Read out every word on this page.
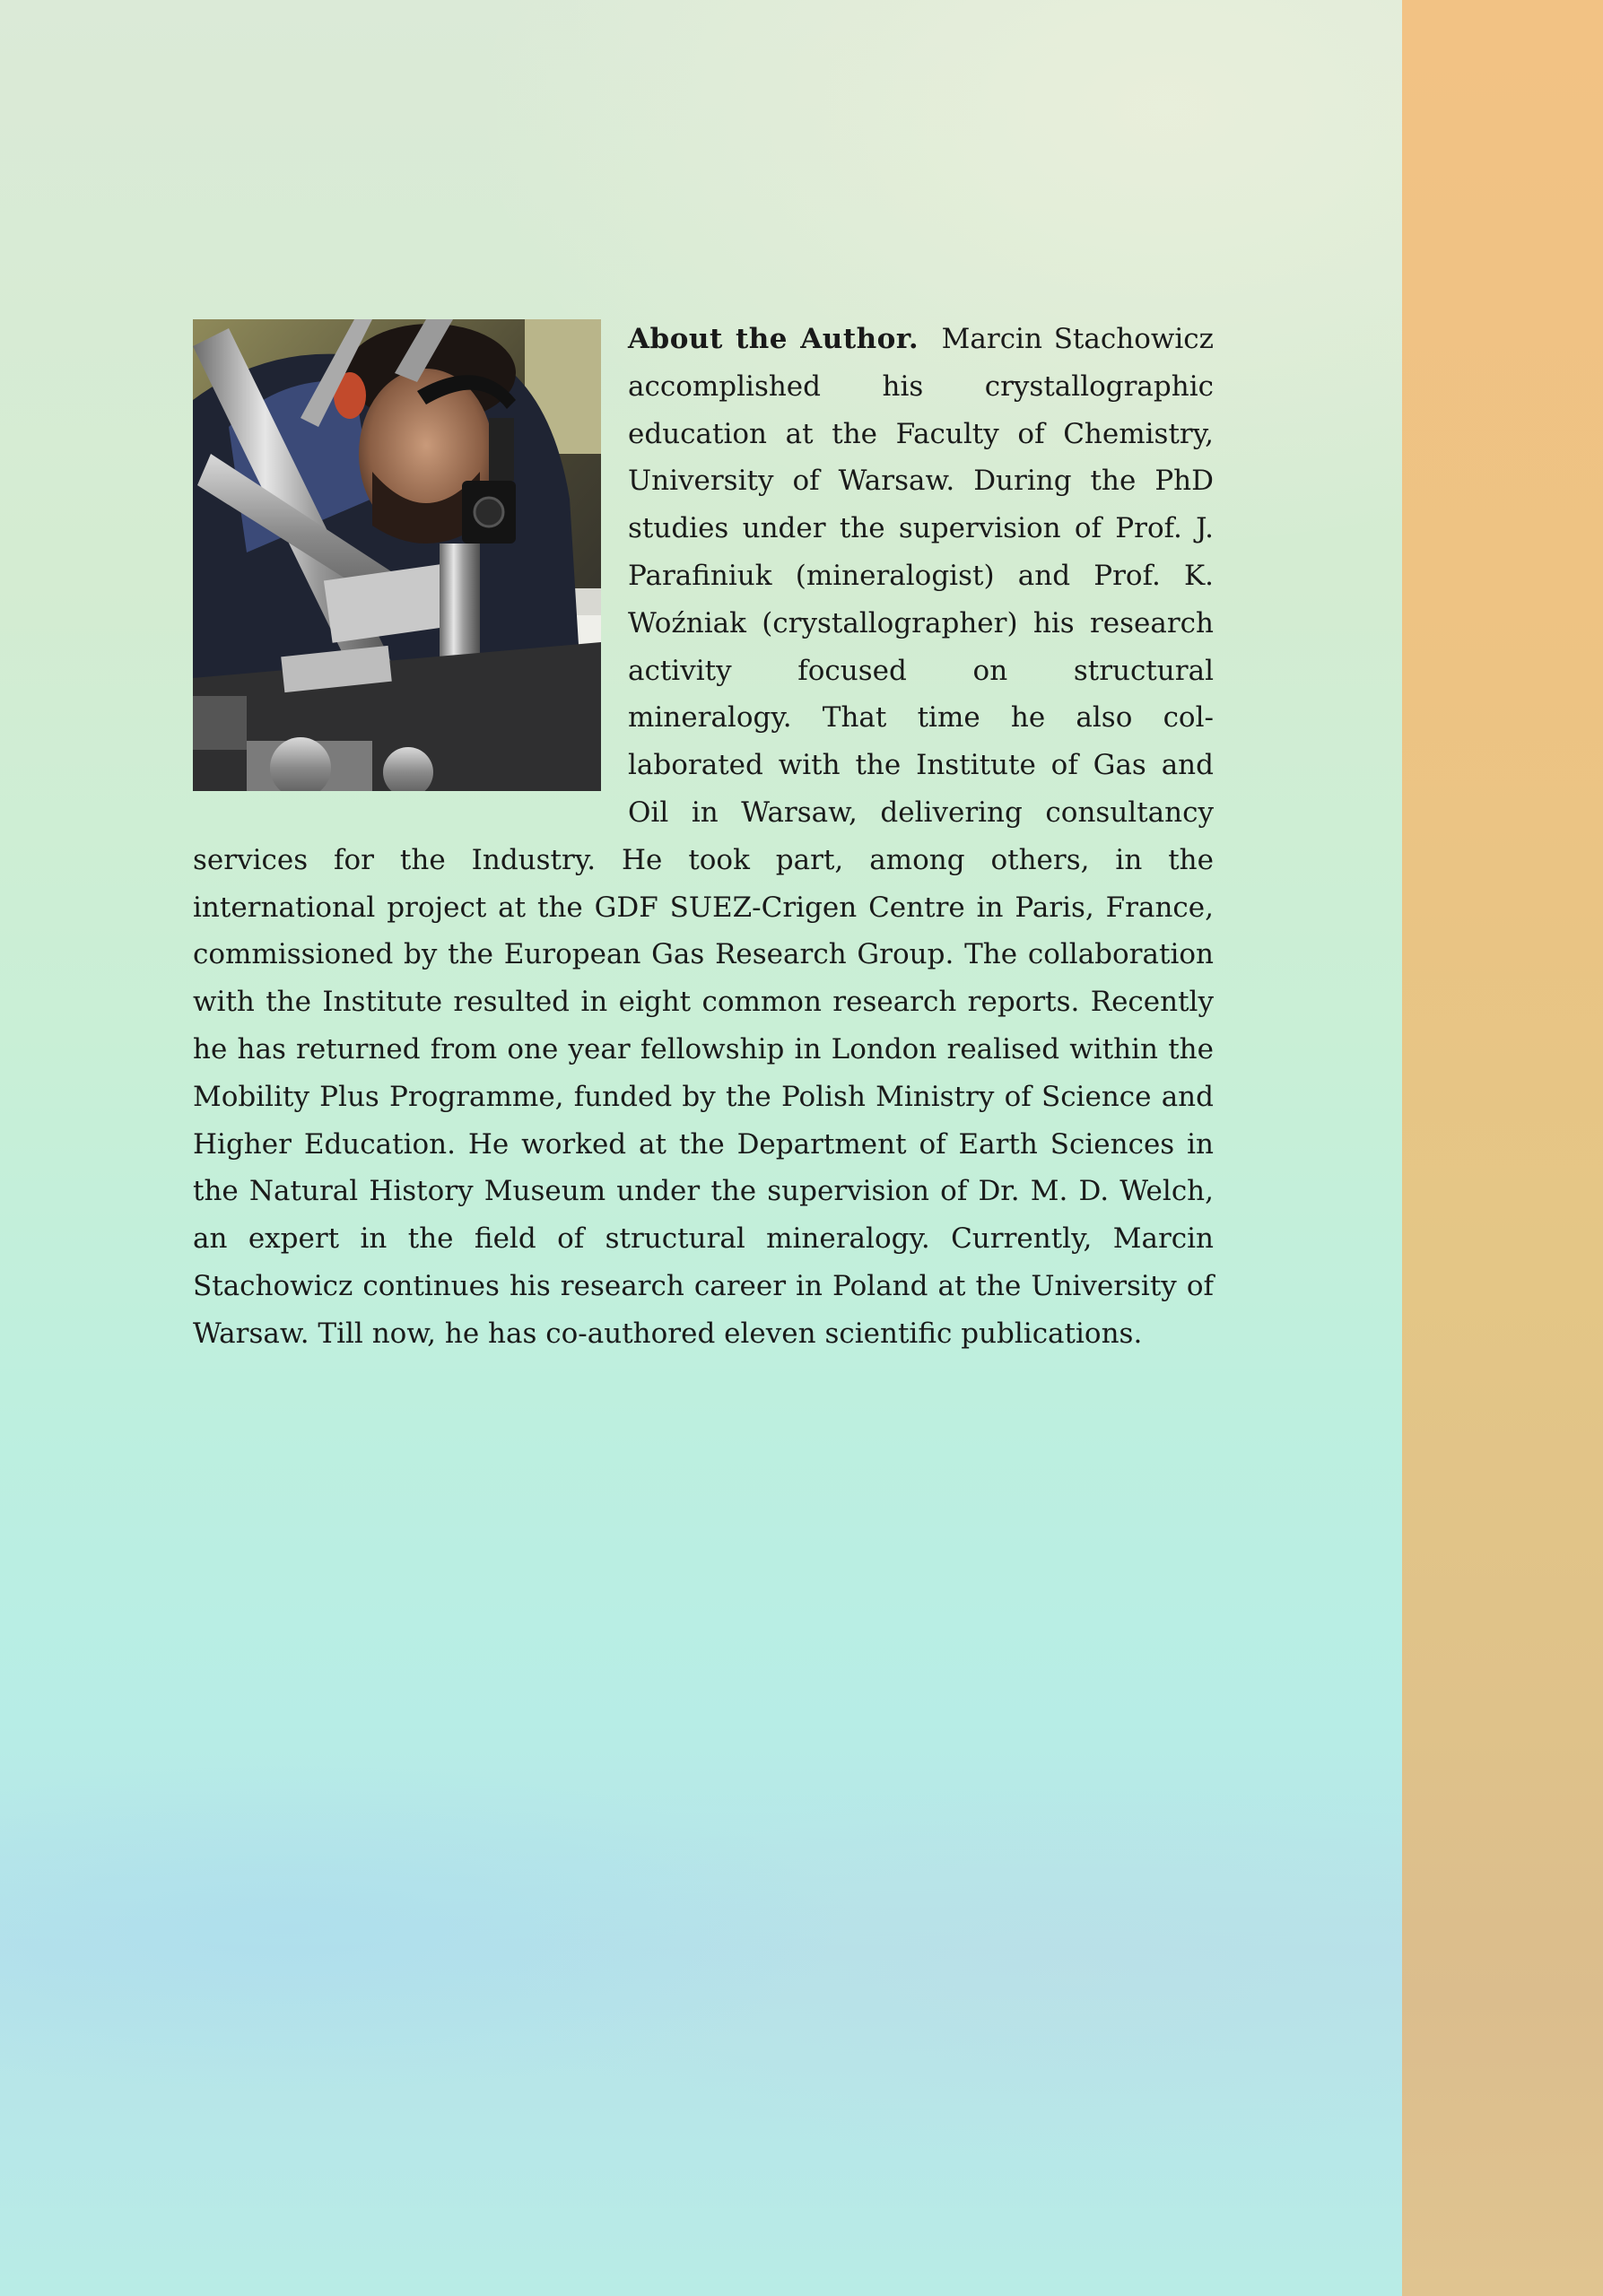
About the Author. Marcin Stachowicz accomplished his crystallographic education at the Faculty of Chemistry, University of Warsaw. During the PhD studies under the supervision of Prof. J. Parafiniuk (mineralogist) and Prof. K. Woźniak (crystallographer) his research activity focused on structural mineralogy. That time he also collaborated with the Institute of Gas and Oil in Warsaw, delivering consultancy services for the Industry. He took part, among others, in the international project at the GDF SUEZ-Crigen Centre in Paris, France, commissioned by the European Gas Research Group. The collaboration with the Institute resulted in eight common research reports. Recently he has returned from one year fellowship in London realised within the Mobility Plus Programme, funded by the Polish Ministry of Science and Higher Education. He worked at the Department of Earth Sciences in the Natural History Museum under the supervision of Dr. M. D. Welch, an expert in the field of structural mineralogy. Currently, Marcin Stachowicz continues his research career in Poland at the University of Warsaw. Till now, he has co-authored eleven scientific publications.
